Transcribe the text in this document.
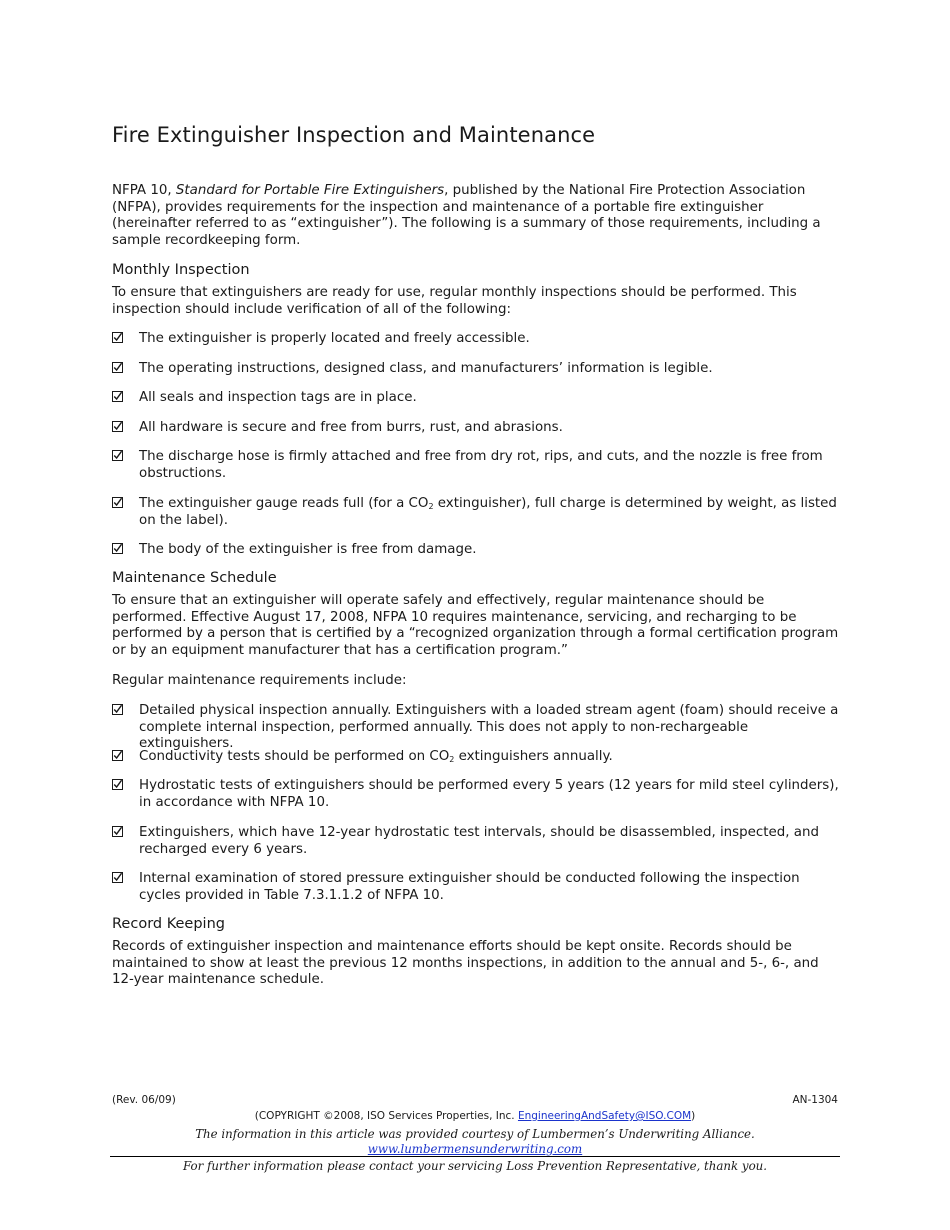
Fire Extinguisher Inspection and Maintenance

NFPA 10, Standard for Portable Fire Extinguishers, published by the National Fire Protection Association (NFPA), provides requirements for the inspection and maintenance of a portable fire extinguisher (hereinafter referred to as “extinguisher”). The following is a summary of those requirements, including a sample recordkeeping form.

Monthly Inspection

To ensure that extinguishers are ready for use, regular monthly inspections should be performed. This inspection should include verification of all of the following:

The extinguisher is properly located and freely accessible.
The operating instructions, designed class, and manufacturers’ information is legible.
All seals and inspection tags are in place.
All hardware is secure and free from burrs, rust, and abrasions.
The discharge hose is firmly attached and free from dry rot, rips, and cuts, and the nozzle is free from obstructions.
The extinguisher gauge reads full (for a $CO_2$ extinguisher), full charge is determined by weight, as listed on the label).
The body of the extinguisher is free from damage.
Maintenance Schedule

To ensure that an extinguisher will operate safely and effectively, regular maintenance should be performed. Effective August 17, 2008, NFPA 10 requires maintenance, servicing, and recharging to be performed by a person that is certified by a “recognized organization through a formal certification program or by an equipment manufacturer that has a certification program.”

Regular maintenance requirements include:

Detailed physical inspection annually. Extinguishers with a loaded stream agent (foam) should receive a complete internal inspection, performed annually. This does not apply to non-rechargeable extinguishers.
Conductivity tests should be performed on $CO_2$ extinguishers annually.
Hydrostatic tests of extinguishers should be performed every 5 years (12 years for mild steel cylinders), in accordance with NFPA 10.
Extinguishers, which have 12-year hydrostatic test intervals, should be disassembled, inspected, and recharged every 6 years.
Internal examination of stored pressure extinguisher should be conducted following the inspection cycles provided in Table 7.3.1.1.2 of NFPA 10.
Record Keeping

Records of extinguisher inspection and maintenance efforts should be kept onsite. Records should be maintained to show at least the previous 12 months inspections, in addition to the annual and 5-, 6-, and 12-year maintenance schedule.

(Rev. 06/09)	AN-1304
(COPYRIGHT ©2008, ISO Services Properties, Inc. EngineeringAndSafety@ISO.COM)
The information in this article was provided courtesy of Lumbermen’s Underwriting Alliance.
www.lumbermensunderwriting.com
For further information please contact your servicing Loss Prevention Representative, thank you.
